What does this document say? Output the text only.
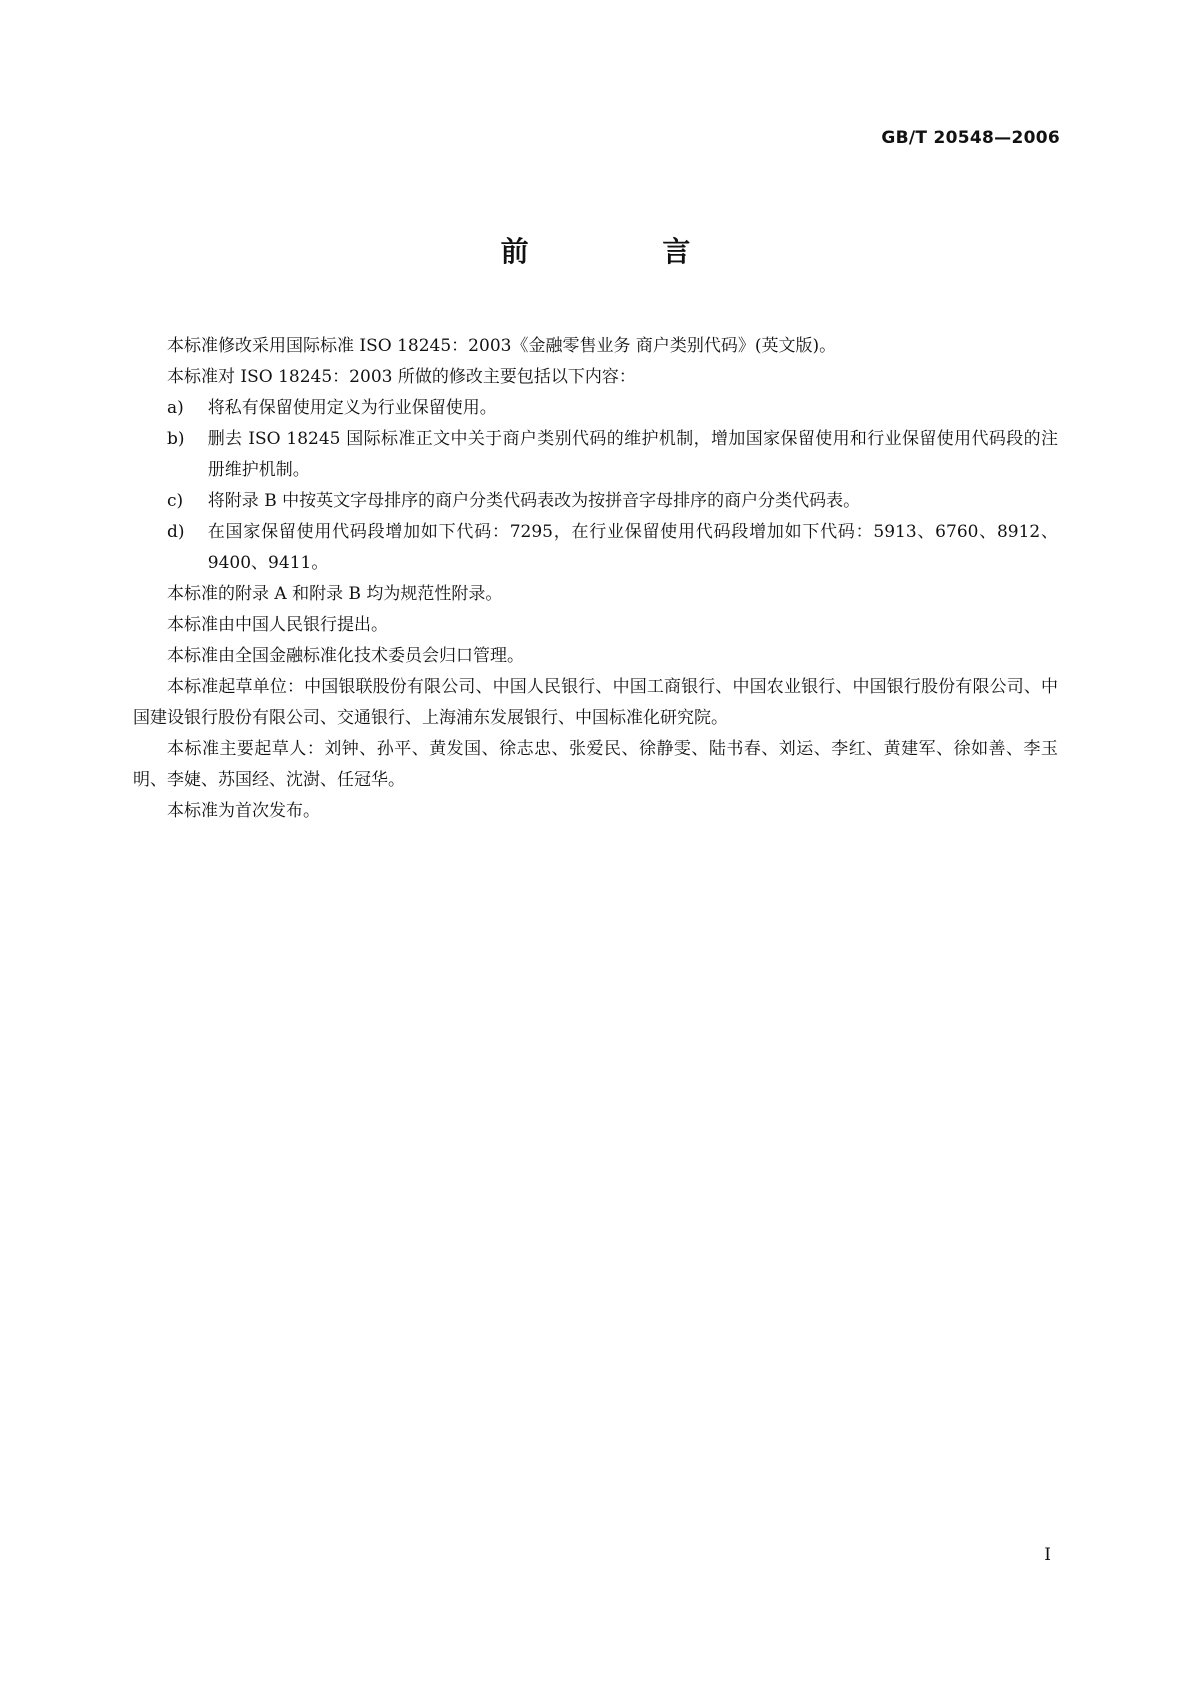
GB/T 20548—2006
前 言

本标准修改采用国际标准 ISO 18245：2003《金融零售业务 商户类别代码》(英文版)。

本标准对 ISO 18245：2003 所做的修改主要包括以下内容：

a)	将私有保留使用定义为行业保留使用。
b)	删去 ISO 18245 国际标准正文中关于商户类别代码的维护机制，增加国家保留使用和行业保留使用代码段的注册维护机制。
c)	将附录 B 中按英文字母排序的商户分类代码表改为按拼音字母排序的商户分类代码表。
d)	在国家保留使用代码段增加如下代码：7295，在行业保留使用代码段增加如下代码：5913、6760、8912、9400、9411。

本标准的附录 A 和附录 B 均为规范性附录。

本标准由中国人民银行提出。

本标准由全国金融标准化技术委员会归口管理。

本标准起草单位：中国银联股份有限公司、中国人民银行、中国工商银行、中国农业银行、中国银行股份有限公司、中国建设银行股份有限公司、交通银行、上海浦东发展银行、中国标准化研究院。

本标准主要起草人：刘钟、孙平、黄发国、徐志忠、张爱民、徐静雯、陆书春、刘运、李红、黄建军、徐如善、李玉明、李婕、苏国经、沈澍、任冠华。

本标准为首次发布。

I
